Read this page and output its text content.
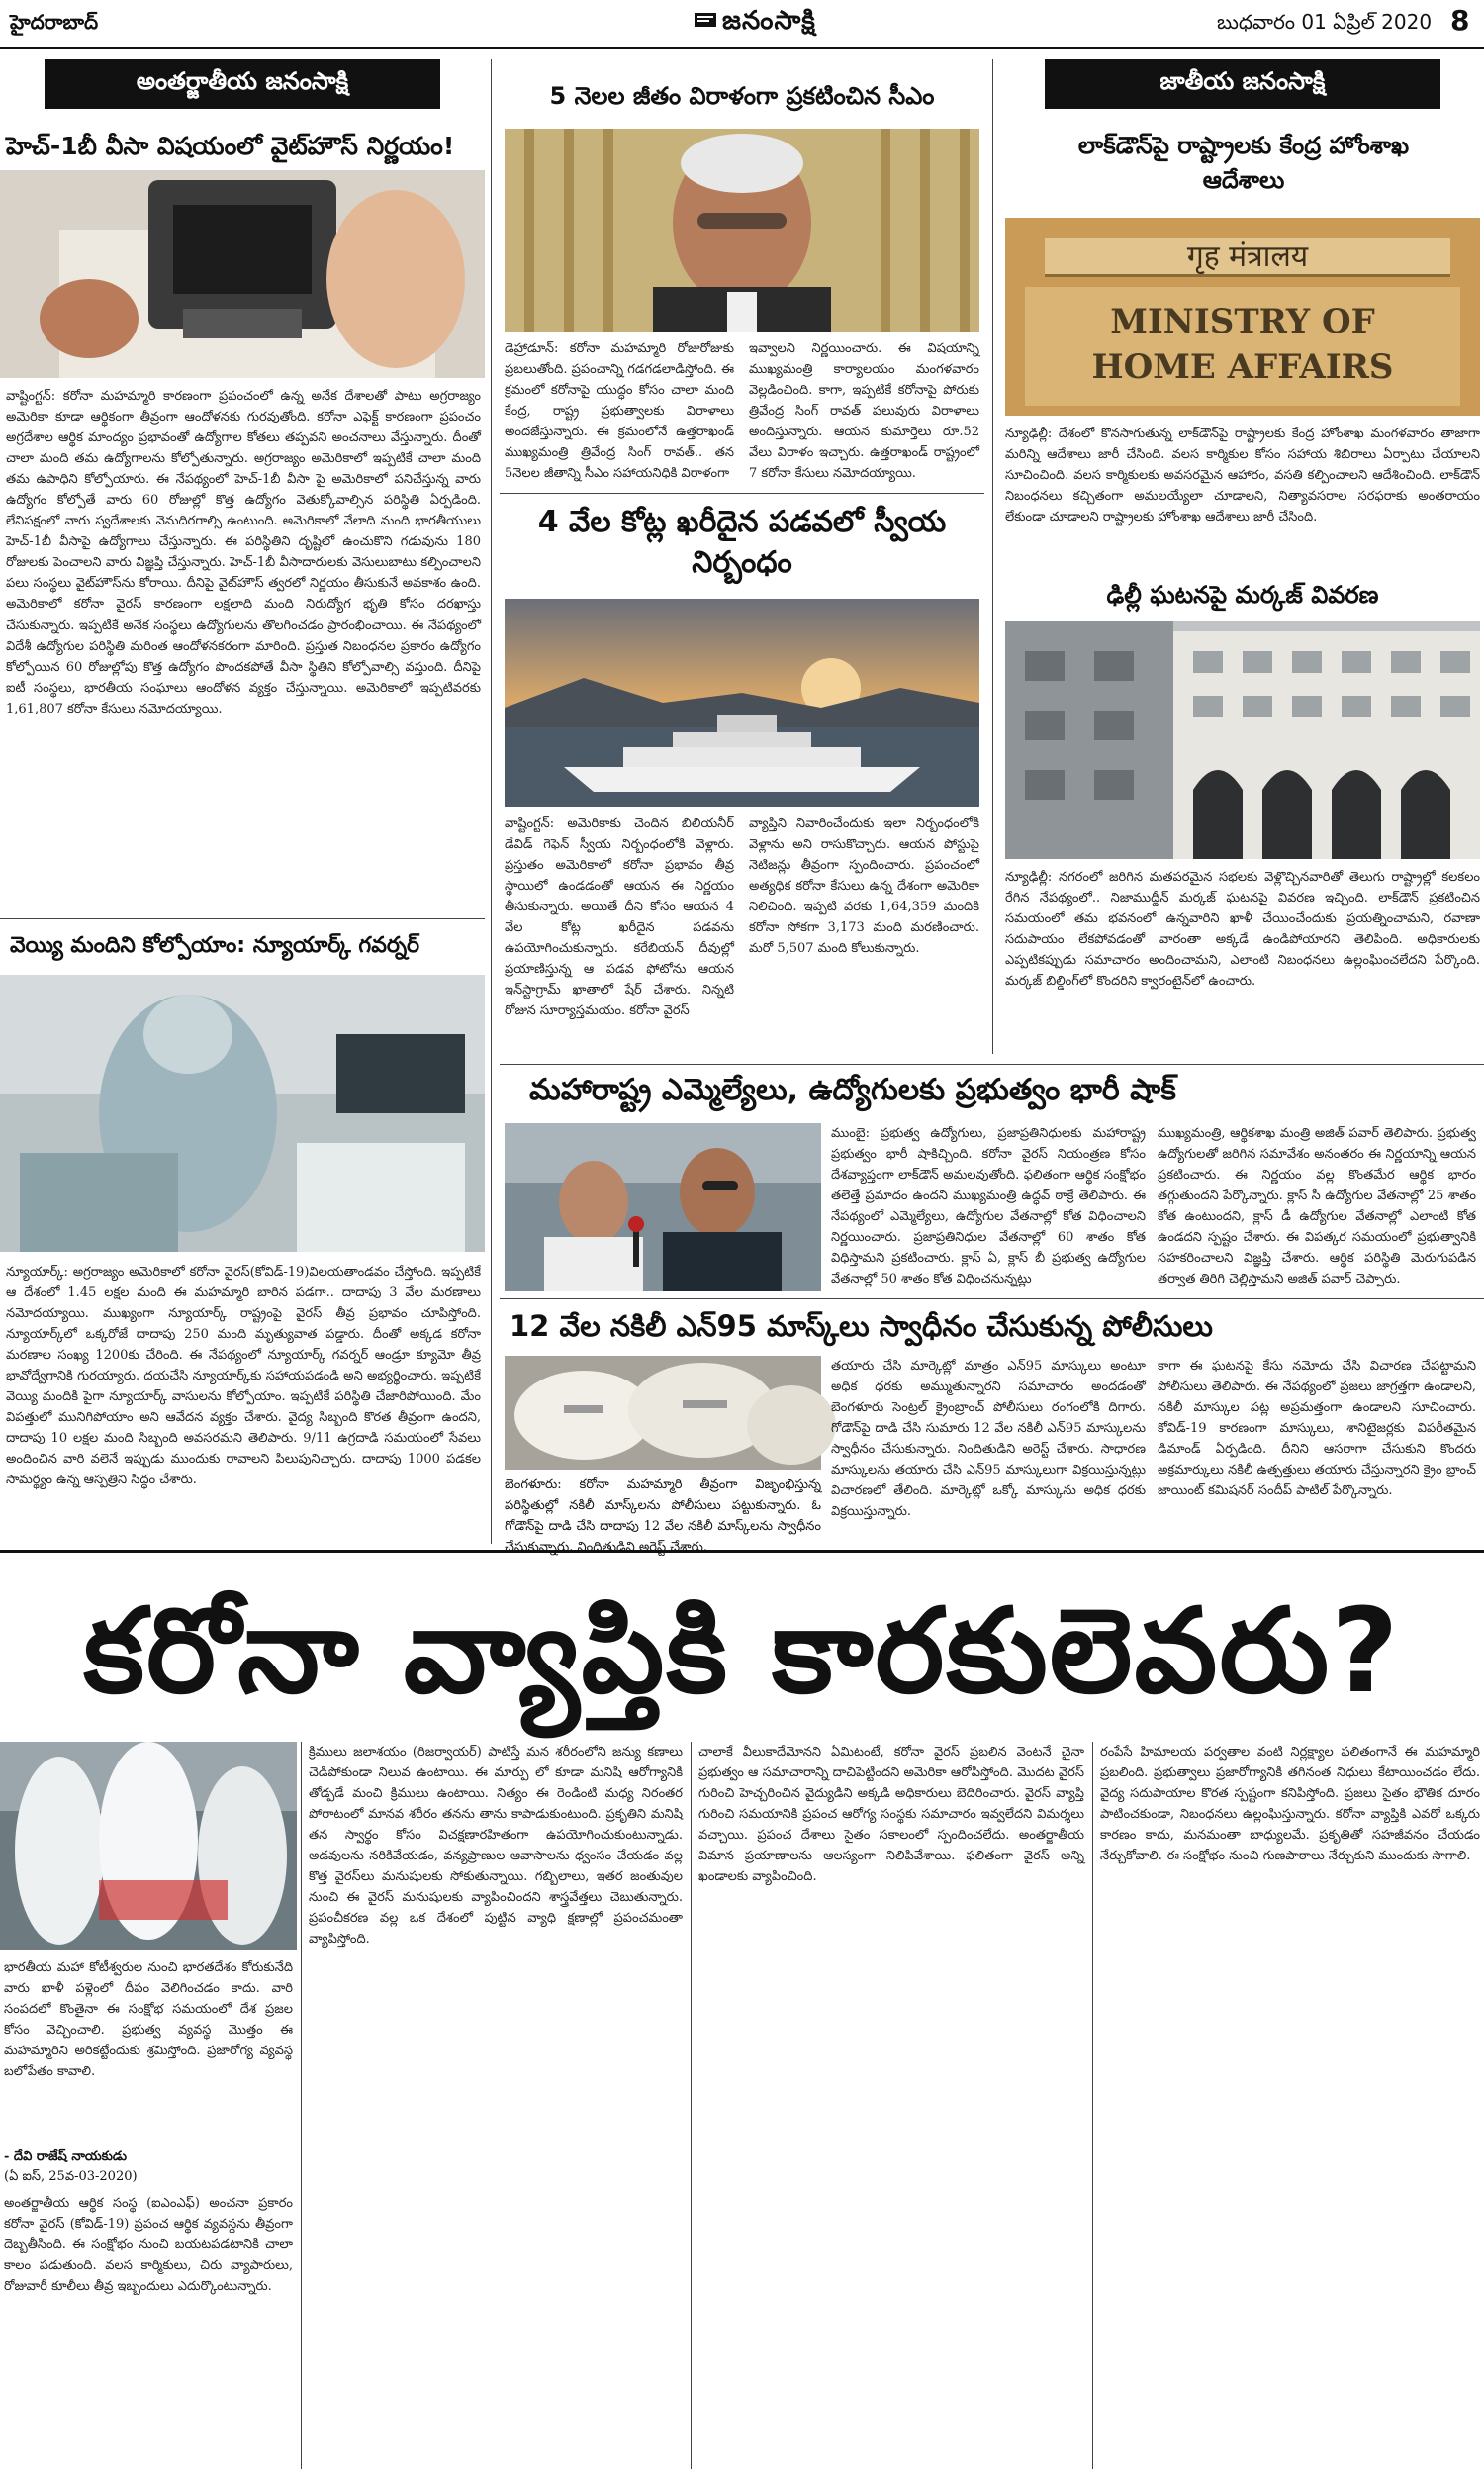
హైదరాబాద్	జనంసాక్షి	బుధవారం 01 ఏప్రిల్ 2020 8
అంతర్జాతీయ జనంసాక్షి
హెచ్‌-1బీ వీసా విషయంలో వైట్‌హౌస్ నిర్ణయం!
వాష్టింగ్టన్: కరోనా మహమ్మారి కారణంగా ప్రపంచంలో ఉన్న అనేక దేశాలతో పాటు అగ్రరాజ్యం అమెరికా కూడా ఆర్థికంగా తీవ్రంగా ఆందోళనకు గురవుతోంది. కరోనా ఎఫెక్ట్ కారణంగా ప్రపంచం అగ్రదేశాల ఆర్థిక మాంద్యం ప్రభావంతో ఉద్యోగాల కోతలు తప్పవని అంచనాలు వేస్తున్నారు. దీంతో చాలా మంది తమ ఉద్యోగాలను కోల్పోతున్నారు. అగ్రరాజ్యం అమెరికాలో ఇప్పటికే చాలా మంది తమ ఉపాధిని కోల్పోయారు. ఈ నేపథ్యంలో హెచ్‌-1బీ వీసా పై అమెరికాలో పనిచేస్తున్న వారు ఉద్యోగం కోల్పోతే వారు 60 రోజుల్లో కొత్త ఉద్యోగం వెతుక్కోవాల్సిన పరిస్థితి ఏర్పడింది. లేనిపక్షంలో వారు స్వదేశాలకు వెనుదిరగాల్సి ఉంటుంది. అమెరికాలో వేలాది మంది భారతీయులు హెచ్‌-1బీ వీసాపై ఉద్యోగాలు చేస్తున్నారు. ఈ పరిస్థితిని దృష్టిలో ఉంచుకొని గడువును 180 రోజులకు పెంచాలని వారు విజ్ఞప్తి చేస్తున్నారు. హెచ్‌-1బీ వీసాదారులకు వెసులుబాటు కల్పించాలని పలు సంస్థలు వైట్‌హౌస్‌ను కోరాయి. దీనిపై వైట్‌హౌస్ త్వరలో నిర్ణయం తీసుకునే అవకాశం ఉంది. అమెరికాలో కరోనా వైరస్ కారణంగా లక్షలాది మంది నిరుద్యోగ భృతి కోసం దరఖాస్తు చేసుకున్నారు. ఇప్పటికే అనేక సంస్థలు ఉద్యోగులను తొలగించడం ప్రారంభించాయి. ఈ నేపథ్యంలో విదేశీ ఉద్యోగుల పరిస్థితి మరింత ఆందోళనకరంగా మారింది. ప్రస్తుత నిబంధనల ప్రకారం ఉద్యోగం కోల్పోయిన 60 రోజుల్లోపు కొత్త ఉద్యోగం పొందకపోతే వీసా స్థితిని కోల్పోవాల్సి వస్తుంది. దీనిపై ఐటీ సంస్థలు, భారతీయ సంఘాలు ఆందోళన వ్యక్తం చేస్తున్నాయి. అమెరికాలో ఇప్పటివరకు 1,61,807 కరోనా కేసులు నమోదయ్యాయి.
వెయ్యి మందిని కోల్పోయాం: న్యూయార్క్ గవర్నర్
న్యూయార్క్: అగ్రరాజ్యం అమెరికాలో కరోనా వైరస్(కోవిడ్-19)విలయతాండవం చేస్తోంది. ఇప్పటికే ఆ దేశంలో 1.45 లక్షల మంది ఈ మహమ్మారి బారిన పడగా.. దాదాపు 3 వేల మరణాలు నమోదయ్యాయి. ముఖ్యంగా న్యూయార్క్ రాష్ట్రంపై వైరస్ తీవ్ర ప్రభావం చూపిస్తోంది. న్యూయార్క్‌లో ఒక్కరోజే దాదాపు 250 మంది మృత్యువాత పడ్డారు. దీంతో అక్కడ కరోనా మరణాల సంఖ్య 1200కు చేరింది. ఈ నేపథ్యంలో న్యూయార్క్ గవర్నర్ ఆండ్రూ క్యూమో తీవ్ర భావోద్వేగానికి గురయ్యారు. దయచేసి న్యూయార్క్‌కు సహాయపడండి అని అభ్యర్థించారు. ఇప్పటికే వెయ్యి మందికి పైగా న్యూయార్క్ వాసులను కోల్పోయాం. ఇప్పటికే పరిస్థితి చేజారిపోయింది. మేం విపత్తులో మునిగిపోయాం అని ఆవేదన వ్యక్తం చేశారు. వైద్య సిబ్బంది కొరత తీవ్రంగా ఉందని, దాదాపు 10 లక్షల మంది సిబ్బంది అవసరమని తెలిపారు. 9/11 ఉగ్రదాడి సమయంలో సేవలు అందించిన వారి వలెనే ఇప్పుడు ముందుకు రావాలని పిలుపునిచ్చారు. దాదాపు 1000 పడకల సామర్థ్యం ఉన్న ఆస్పత్రిని సిద్ధం చేశారు.
5 నెలల జీతం విరాళంగా ప్రకటించిన సీఎం
డెహ్రాడూన్: కరోనా మహమ్మారి రోజురోజుకు ప్రబలుతోంది. ప్రపంచాన్ని గడగడలాడిస్తోంది. ఈ క్రమంలో కరోనాపై యుద్ధం కోసం చాలా మంది కేంద్ర, రాష్ట్ర ప్రభుత్వాలకు విరాళాలు అందజేస్తున్నారు. ఈ క్రమంలోనే ఉత్తరాఖండ్ ముఖ్యమంత్రి త్రివేంద్ర సింగ్ రావత్.. తన 5నెలల జీతాన్ని సీఎం సహాయనిధికి విరాళంగా
ఇవ్వాలని నిర్ణయించారు. ఈ విషయాన్ని ముఖ్యమంత్రి కార్యాలయం మంగళవారం వెల్లడించింది. కాగా, ఇప్పటికే కరోనాపై పోరుకు త్రివేంద్ర సింగ్ రావత్ పలువురు విరాళాలు అందిస్తున్నారు. ఆయన కుమార్తెలు రూ.52 వేలు విరాళం ఇచ్చారు. ఉత్తరాఖండ్ రాష్ట్రంలో 7 కరోనా కేసులు నమోదయ్యాయి.
4 వేల కోట్ల ఖరీదైన పడవలో స్వీయ నిర్బంధం
వాష్టింగ్టన్: అమెరికాకు చెందిన బిలియనీర్ డేవిడ్ గెఫెన్ స్వీయ నిర్బంధంలోకి వెళ్లారు. ప్రస్తుతం అమెరికాలో కరోనా ప్రభావం తీవ్ర స్థాయిలో ఉండడంతో ఆయన ఈ నిర్ణయం తీసుకున్నారు. అయితే దీని కోసం ఆయన 4 వేల కోట్ల ఖరీదైన పడవను ఉపయోగించుకున్నారు. కరేబియన్ దీవుల్లో ప్రయాణిస్తున్న ఆ పడవ ఫోటోను ఆయన ఇన్‌స్టాగ్రామ్ ఖాతాలో షేర్ చేశారు. నిన్నటి రోజున సూర్యాస్తమయం. కరోనా వైరస్
వ్యాప్తిని నివారించేందుకు ఇలా నిర్బంధంలోకి వెళ్లాను అని రాసుకొచ్చారు. ఆయన పోస్టుపై నెటిజన్లు తీవ్రంగా స్పందించారు. ప్రపంచంలో అత్యధిక కరోనా కేసులు ఉన్న దేశంగా అమెరికా నిలిచింది. ఇప్పటి వరకు 1,64,359 మందికి కరోనా సోకగా 3,173 మంది మరణించారు. మరో 5,507 మంది కోలుకున్నారు.
జాతీయ జనంసాక్షి
లాక్‌డౌన్‌పై రాష్ట్రాలకు కేంద్ర హోంశాఖ ఆదేశాలు
गृह मंत्रालय
MINISTRY OF HOME AFFAIRS
న్యూఢిల్లీ: దేశంలో కొనసాగుతున్న లాక్‌డౌన్‌పై రాష్ట్రాలకు కేంద్ర హోంశాఖ మంగళవారం తాజాగా మరిన్ని ఆదేశాలు జారీ చేసింది. వలస కార్మికుల కోసం సహాయ శిబిరాలు ఏర్పాటు చేయాలని సూచించింది. వలస కార్మికులకు అవసరమైన ఆహారం, వసతి కల్పించాలని ఆదేశించింది. లాక్‌డౌన్ నిబంధనలు కచ్చితంగా అమలయ్యేలా చూడాలని, నిత్యావసరాల సరఫరాకు అంతరాయం లేకుండా చూడాలని రాష్ట్రాలకు హోంశాఖ ఆదేశాలు జారీ చేసింది.
ఢిల్లీ ఘటనపై మర్కజ్ వివరణ
న్యూఢిల్లీ: నగరంలో జరిగిన మతపరమైన సభలకు వెళ్లొచ్చినవారితో తెలుగు రాష్ట్రాల్లో కలకలం రేగిన నేపథ్యంలో.. నిజాముద్దీన్ మర్కజ్ ఘటనపై వివరణ ఇచ్చింది. లాక్‌డౌన్ ప్రకటించిన సమయంలో తమ భవనంలో ఉన్నవారిని ఖాళీ చేయించేందుకు ప్రయత్నించామని, రవాణా సదుపాయం లేకపోవడంతో వారంతా అక్కడే ఉండిపోయారని తెలిపింది. అధికారులకు ఎప్పటికప్పుడు సమాచారం అందించామని, ఎలాంటి నిబంధనలు ఉల్లంఘించలేదని పేర్కొంది. మర్కజ్ బిల్డింగ్‌లో కొందరిని క్వారంటైన్‌లో ఉంచారు.
మహారాష్ట్ర ఎమ్మెల్యేలు, ఉద్యోగులకు ప్రభుత్వం భారీ షాక్
ముంబై: ప్రభుత్వ ఉద్యోగులు, ప్రజాప్రతినిధులకు మహారాష్ట్ర ప్రభుత్వం భారీ షాకిచ్చింది. కరోనా వైరస్ నియంత్రణ కోసం దేశవ్యాప్తంగా లాక్‌డౌన్ అమలవుతోంది. ఫలితంగా ఆర్థిక సంక్షోభం తలెత్తే ప్రమాదం ఉందని ముఖ్యమంత్రి ఉద్ధవ్ ఠాక్రే తెలిపారు. ఈ నేపథ్యంలో ఎమ్మెల్యేలు, ఉద్యోగుల వేతనాల్లో కోత విధించాలని నిర్ణయించారు. ప్రజాప్రతినిధుల వేతనాల్లో 60 శాతం కోత విధిస్తామని ప్రకటించారు. క్లాస్ ఏ, క్లాస్ బీ ప్రభుత్వ ఉద్యోగుల వేతనాల్లో 50 శాతం కోత విధించనున్నట్లు
ముఖ్యమంత్రి, ఆర్థికశాఖ మంత్రి అజిత్ పవార్ తెలిపారు. ప్రభుత్వ ఉద్యోగులతో జరిగిన సమావేశం అనంతరం ఈ నిర్ణయాన్ని ఆయన ప్రకటించారు. ఈ నిర్ణయం వల్ల కొంతమేర ఆర్థిక భారం తగ్గుతుందని పేర్కొన్నారు. క్లాస్ సీ ఉద్యోగుల వేతనాల్లో 25 శాతం కోత ఉంటుందని, క్లాస్ డీ ఉద్యోగుల వేతనాల్లో ఎలాంటి కోత ఉండదని స్పష్టం చేశారు. ఈ విపత్కర సమయంలో ప్రభుత్వానికి సహకరించాలని విజ్ఞప్తి చేశారు. ఆర్థిక పరిస్థితి మెరుగుపడిన తర్వాత తిరిగి చెల్లిస్తామని అజిత్ పవార్ చెప్పారు.
12 వేల నకిలీ ఎన్95 మాస్క్‌లు స్వాధీనం చేసుకున్న పోలీసులు
బెంగళూరు: కరోనా మహమ్మారి తీవ్రంగా విజృంభిస్తున్న పరిస్థితుల్లో నకిలీ మాస్క్‌లను పోలీసులు పట్టుకున్నారు. ఓ గోడౌన్‌పై దాడి చేసి దాదాపు 12 వేల నకిలీ మాస్క్‌లను స్వాధీనం చేసుకున్నారు. నిందితుడిని అరెస్ట్ చేశారు.
తయారు చేసి మార్కెట్లో మాత్రం ఎన్95 మాస్కులు అంటూ అధిక ధరకు అమ్ముతున్నారని సమాచారం అందడంతో బెంగళూరు సెంట్రల్ క్రైంబ్రాంచ్ పోలీసులు రంగంలోకి దిగారు. గోడౌన్‌పై దాడి చేసి సుమారు 12 వేల నకిలీ ఎన్95 మాస్కులను స్వాధీనం చేసుకున్నారు. నిందితుడిని అరెస్ట్ చేశారు. సాధారణ మాస్కులను తయారు చేసి ఎన్95 మాస్కులుగా విక్రయిస్తున్నట్లు విచారణలో తేలింది. మార్కెట్లో ఒక్కో మాస్కును అధిక ధరకు విక్రయిస్తున్నారు.
కాగా ఈ ఘటనపై కేసు నమోదు చేసి విచారణ చేపట్టామని పోలీసులు తెలిపారు. ఈ నేపథ్యంలో ప్రజలు జాగ్రత్తగా ఉండాలని, నకిలీ మాస్కుల పట్ల అప్రమత్తంగా ఉండాలని సూచించారు. కోవిడ్-19 కారణంగా మాస్కులు, శానిటైజర్లకు విపరీతమైన డిమాండ్ ఏర్పడింది. దీనిని ఆసరాగా చేసుకుని కొందరు అక్రమార్కులు నకిలీ ఉత్పత్తులు తయారు చేస్తున్నారని క్రైం బ్రాంచ్ జాయింట్ కమిషనర్ సందీప్ పాటిల్ పేర్కొన్నారు.
కరోనా వ్యాప్తికి కారకులెవరు?
భారతీయ మహా కోటీశ్వరుల నుంచి భారతదేశం కోరుకునేది వారు ఖాళీ పళ్లెంలో దీపం వెలిగించడం కాదు. వారి సంపదలో కొంతైనా ఈ సంక్షోభ సమయంలో దేశ ప్రజల కోసం వెచ్చించాలి. ప్రభుత్వ వ్యవస్థ మొత్తం ఈ మహమ్మారిని అరికట్టేందుకు శ్రమిస్తోంది. ప్రజారోగ్య వ్యవస్థ బలోపేతం కావాలి.
- దేవి రాజేష్ నాయకుడు
(ఏ ఐస్, 25వ-03-2020)
అంతర్జాతీయ ఆర్థిక సంస్థ (ఐఎంఎఫ్) అంచనా ప్రకారం కరోనా వైరస్ (కోవిడ్-19) ప్రపంచ ఆర్థిక వ్యవస్థను తీవ్రంగా దెబ్బతీసింది. ఈ సంక్షోభం నుంచి బయటపడటానికి చాలా కాలం పడుతుంది. వలస కార్మికులు, చిరు వ్యాపారులు, రోజువారీ కూలీలు తీవ్ర ఇబ్బందులు ఎదుర్కొంటున్నారు.
క్రిములు జలాశయం (రిజర్వాయర్) పాటిస్తే మన శరీరంలోని జన్యు కణాలు చెడిపోకుండా నిలువ ఉంటాయి. ఈ మార్పు లో కూడా మనిషి ఆరోగ్యానికి తోడ్పడే మంచి క్రిములు ఉంటాయి. నిత్యం ఈ రెండింటి మధ్య నిరంతర పోరాటంలో మానవ శరీరం తనను తాను కాపాడుకుంటుంది. ప్రకృతిని మనిషి తన స్వార్థం కోసం విచక్షణారహితంగా ఉపయోగించుకుంటున్నాడు. అడవులను నరికివేయడం, వన్యప్రాణుల ఆవాసాలను ధ్వంసం చేయడం వల్ల కొత్త వైరస్‌లు మనుషులకు సోకుతున్నాయి. గబ్బిలాలు, ఇతర జంతువుల నుంచి ఈ వైరస్ మనుషులకు వ్యాపించిందని శాస్త్రవేత్తలు చెబుతున్నారు. ప్రపంచీకరణ వల్ల ఒక దేశంలో పుట్టిన వ్యాధి క్షణాల్లో ప్రపంచమంతా వ్యాపిస్తోంది.
చాలాకే వీలుకాదేమోనని ఏమిటంటే, కరోనా వైరస్ ప్రబలిన వెంటనే చైనా ప్రభుత్వం ఆ సమాచారాన్ని దాచిపెట్టిందని అమెరికా ఆరోపిస్తోంది. మొదట వైరస్ గురించి హెచ్చరించిన వైద్యుడిని అక్కడి అధికారులు బెదిరించారు. వైరస్ వ్యాప్తి గురించి సమయానికి ప్రపంచ ఆరోగ్య సంస్థకు సమాచారం ఇవ్వలేదని విమర్శలు వచ్చాయి. ప్రపంచ దేశాలు సైతం సకాలంలో స్పందించలేదు. అంతర్జాతీయ విమాన ప్రయాణాలను ఆలస్యంగా నిలిపివేశాయి. ఫలితంగా వైరస్ అన్ని ఖండాలకు వ్యాపించింది.
రంపేసే హిమాలయ పర్వతాల వంటి నిర్లక్ష్యాల ఫలితంగానే ఈ మహమ్మారి ప్రబలింది. ప్రభుత్వాలు ప్రజారోగ్యానికి తగినంత నిధులు కేటాయించడం లేదు. వైద్య సదుపాయాల కొరత స్పష్టంగా కనిపిస్తోంది. ప్రజలు సైతం భౌతిక దూరం పాటించకుండా, నిబంధనలు ఉల్లంఘిస్తున్నారు. కరోనా వ్యాప్తికి ఎవరో ఒక్కరు కారణం కాదు, మనమంతా బాధ్యులమే. ప్రకృతితో సహజీవనం చేయడం నేర్చుకోవాలి. ఈ సంక్షోభం నుంచి గుణపాఠాలు నేర్చుకుని ముందుకు సాగాలి.
